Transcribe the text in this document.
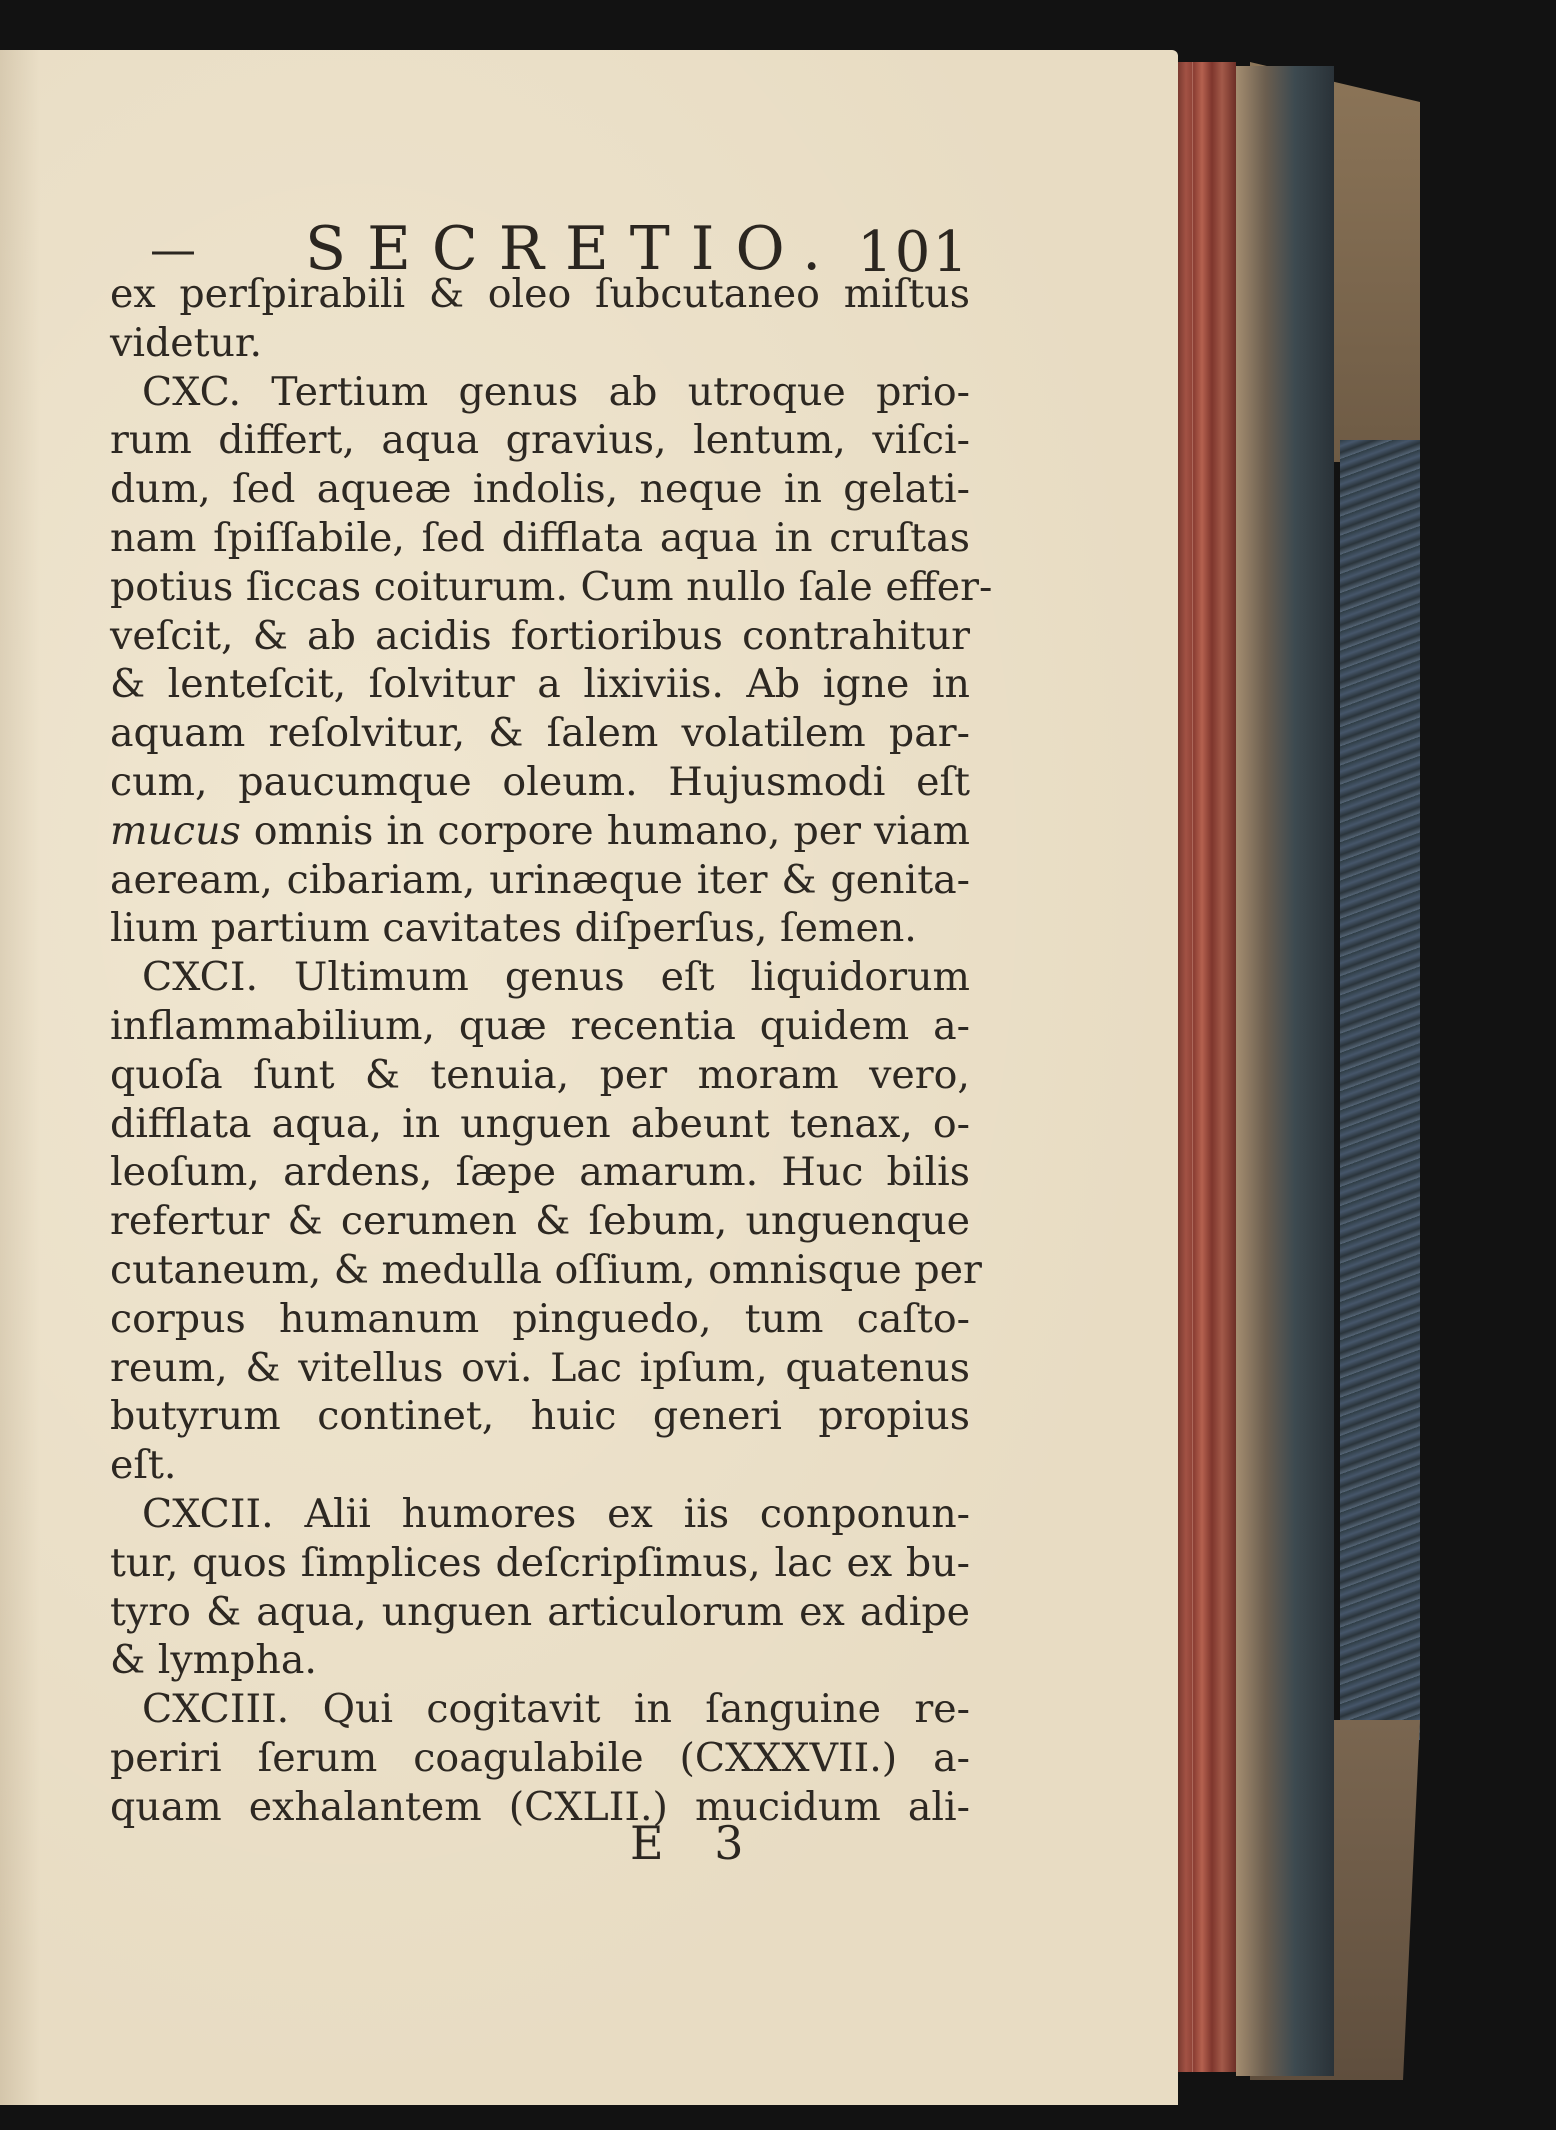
— SECRETIO. 101
ex perſpirabili & oleo ſubcutaneo miſtus
videtur.
CXC. Tertium genus ab utroque prio-
rum differt, aqua gravius, lentum, viſci-
dum, ſed aqueæ indolis, neque in gelati-
nam ſpiſſabile, ſed difflata aqua in cruſtas
potius ſiccas coiturum. Cum nullo ſale effer-
veſcit, & ab acidis fortioribus contrahitur
& lenteſcit, ſolvitur a lixiviis. Ab igne in
aquam reſolvitur, & ſalem volatilem par-
cum, paucumque oleum. Hujusmodi eſt
mucus omnis in corpore humano, per viam
aeream, cibariam, urinæque iter & genita-
lium partium cavitates diſperſus, ſemen.
CXCI. Ultimum genus eſt liquidorum
inflammabilium, quæ recentia quidem a-
quoſa ſunt & tenuia, per moram vero,
difflata aqua, in unguen abeunt tenax, o-
leoſum, ardens, ſæpe amarum. Huc bilis
refertur & cerumen & ſebum, unguenque
cutaneum, & medulla oſſium, omnisque per
corpus humanum pinguedo, tum caſto-
reum, & vitellus ovi. Lac ipſum, quatenus
butyrum continet, huic generi propius
eſt.
CXCII. Alii humores ex iis conponun-
tur, quos ſimplices deſcripſimus, lac ex bu-
tyro & aqua, unguen articulorum ex adipe
& lympha.
CXCIII. Qui cogitavit in ſanguine re-
periri ſerum coagulabile (CXXXVII.) a-
quam exhalantem (CXLII.) mucidum ali-
E 3
